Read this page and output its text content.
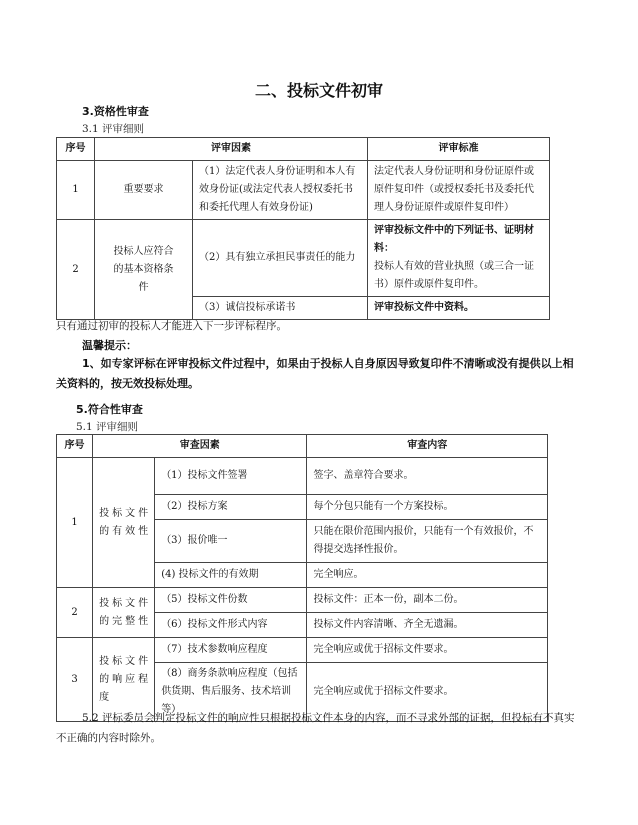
二、投标文件初审
3.资格性审查
3.1 评审细则
序号	评审因素		评审标准
1	重要要求	（1）法定代表人身份证明和本人有效身份证(或法定代表人授权委托书和委托代理人有效身份证)	法定代表人身份证明和身份证原件或原件复印件（或授权委托书及委托代理人身份证原件或原件复印件）
2	投标人应符合的基本资格条件	（2）具有独立承担民事责任的能力	评审投标文件中的下列证书、证明材料：
投标人有效的营业执照（或三合一证书）原件或原件复印件。

		（3）诚信投标承诺书	评审投标文件中资料。
只有通过初审的投标人才能进入下一步评标程序。
温馨提示：
1、如专家评标在评审投标文件过程中，如果由于投标人自身原因导致复印件不清晰或没有提供以上相关资料的，按无效投标处理。
5.符合性审查
5.1 评审细则
序号	审查因素		审查内容
1	投标文件的有效性	（1）投标文件签署	签字、盖章符合要求。
		（2）投标方案	每个分包只能有一个方案投标。
		（3）报价唯一	只能在限价范围内报价，只能有一个有效报价，不得提交选择性报价。
		(4) 投标文件的有效期	完全响应。
2	投标文件的完整性	（5）投标文件份数	投标文件：正本一份，副本二份。
		（6）投标文件形式内容	投标文件内容清晰、齐全无遗漏。
3	投标文件的响应程度	（7）技术参数响应程度	完全响应或优于招标文件要求。
		（8）商务条款响应程度（包括供货期、售后服务、技术培训等）	完全响应或优于招标文件要求。
5.2 评标委员会判定投标文件的响应性只根据投标文件本身的内容，而不寻求外部的证据，但投标有不真实不正确的内容时除外。
